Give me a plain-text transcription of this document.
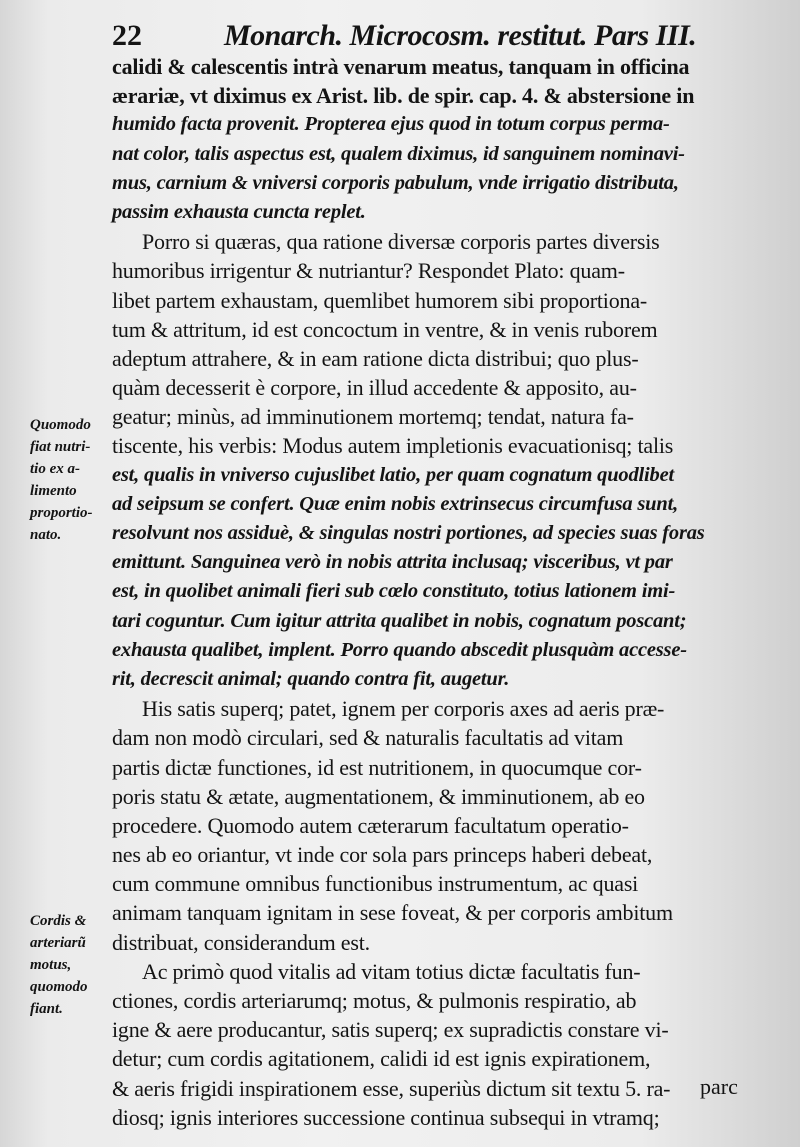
22	Monarch. Microcosm. restitut. Pars III.
calidi & calescentis intrà venarum meatus, tanquam in officina
ærariæ, vt diximus ex Arist. lib. de spir. cap. 4. & abstersione in
humido facta provenit. Propterea ejus quod in totum corpus perma-
nat color, talis aspectus est, qualem diximus, id sanguinem nominavi-
mus, carnium & vniversi corporis pabulum, vnde irrigatio distributa,
passim exhausta cuncta replet.
Porro si quæras, qua ratione diversæ corporis partes diversis
humoribus irrigentur & nutriantur? Respondet Plato: quam-
libet partem exhaustam, quemlibet humorem sibi proportiona-
tum & attritum, id est concoctum in ventre, & in venis ruborem
adeptum attrahere, & in eam ratione dicta distribui; quo plus-
quàm decesserit è corpore, in illud accedente & apposito, au-
geatur; minùs, ad imminutionem mortemq; tendat, natura fa-
tiscente, his verbis: Modus autem impletionis evacuationisq; talis
est, qualis in vniverso cujuslibet latio, per quam cognatum quodlibet
ad seipsum se confert. Quæ enim nobis extrinsecus circumfusa sunt,
resolvunt nos assiduè, & singulas nostri portiones, ad species suas foras
emittunt. Sanguinea verò in nobis attrita inclusaq; visceribus, vt par
est, in quolibet animali fieri sub cœlo constituto, totius lationem imi-
tari coguntur. Cum igitur attrita qualibet in nobis, cognatum poscant;
exhausta qualibet, implent. Porro quando abscedit plusquàm accesse-
rit, decrescit animal; quando contra fit, augetur.
His satis superq; patet, ignem per corporis axes ad aeris præ-
dam non modò circulari, sed & naturalis facultatis ad vitam
partis dictæ functiones, id est nutritionem, in quocumque cor-
poris statu & ætate, augmentationem, & imminutionem, ab eo
procedere. Quomodo autem cæterarum facultatum operatio-
nes ab eo oriantur, vt inde cor sola pars princeps haberi debeat,
cum commune omnibus functionibus instrumentum, ac quasi
animam tanquam ignitam in sese foveat, & per corporis ambitum
distribuat, considerandum est.
Ac primò quod vitalis ad vitam totius dictæ facultatis fun-
ctiones, cordis arteriarumq; motus, & pulmonis respiratio, ab
igne & aere producantur, satis superq; ex supradictis constare vi-
detur; cum cordis agitationem, calidi id est ignis expirationem,
& aeris frigidi inspirationem esse, superiùs dictum sit textu 5. ra-
diosq; ignis interiores successione continua subsequi in vtramq;
Quomodo
fiat nutri-
tio ex a-
limento
proportio-
nato.
Cordis &
arteriarũ
motus,
quomodo
fiant.
parc
